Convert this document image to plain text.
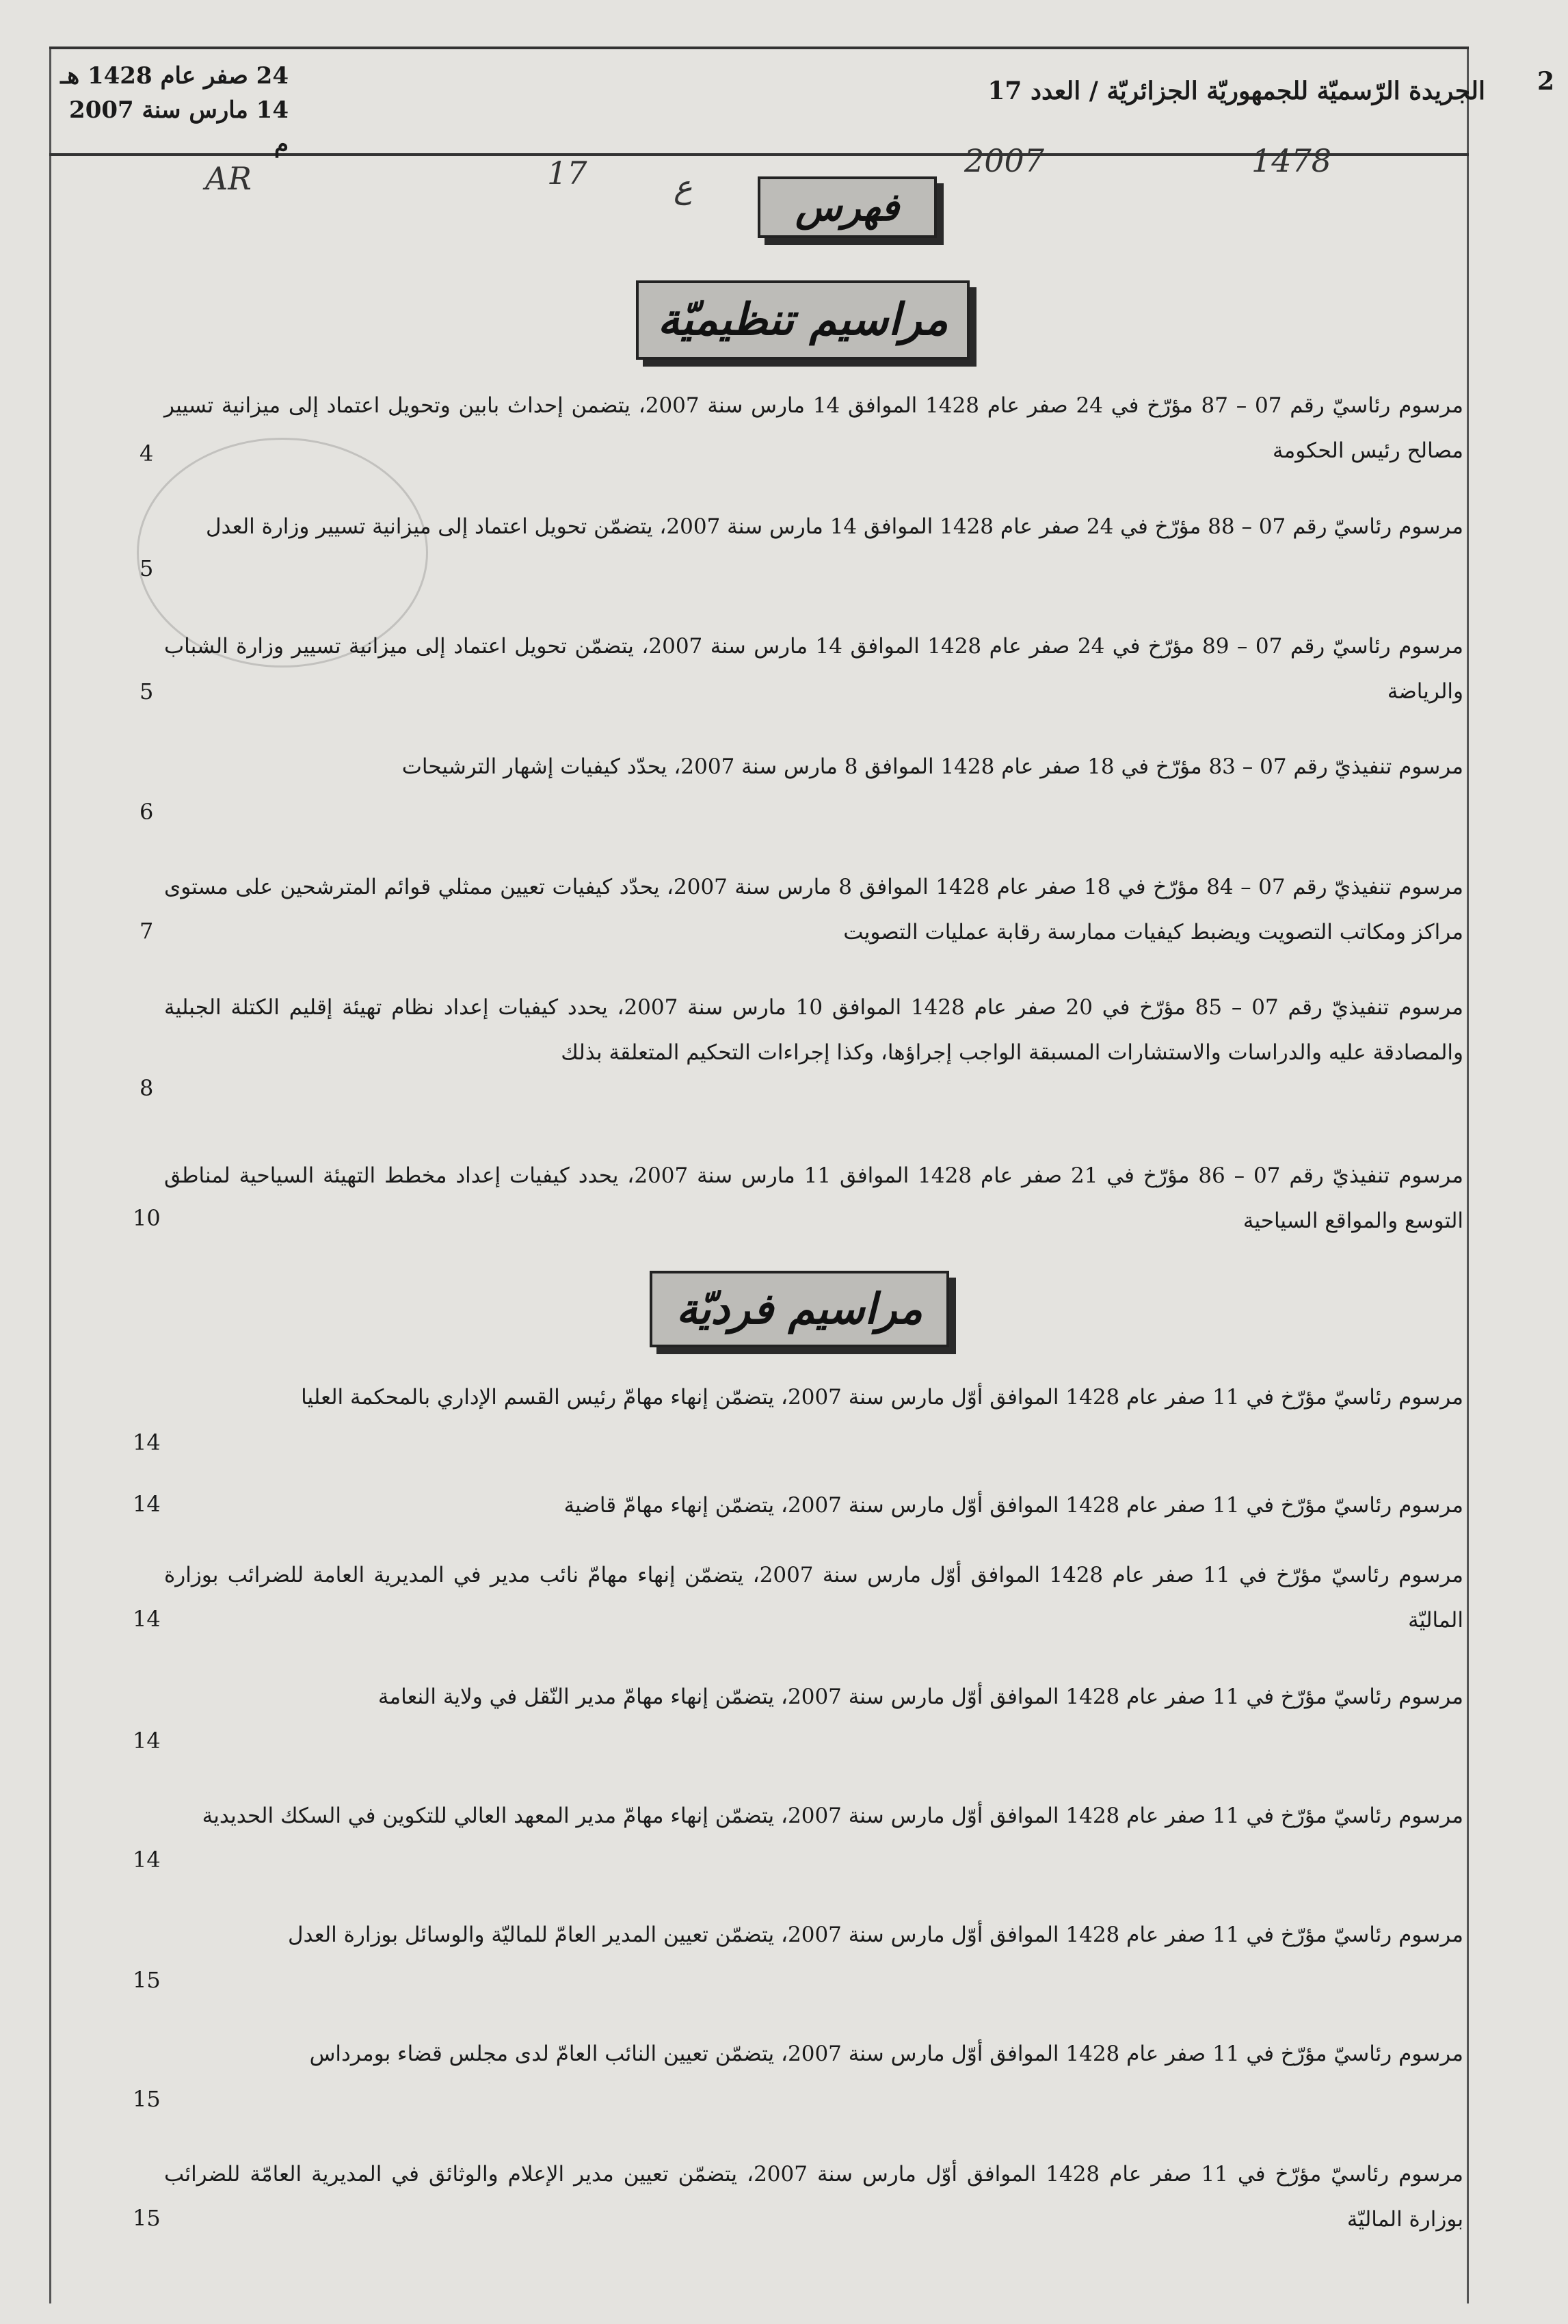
24 صفر عام 1428 هـ
14 مارس سنة 2007 م
الجريدة الرّسميّة للجمهوريّة الجزائريّة / العدد 17 2
1478
2007
ع
17
AR
فهرس
مراسيم تنظيميّة
مراسيم فرديّة
مرسوم رئاسيّ رقم 07 – 87 مؤرّخ في 24 صفر عام 1428 الموافق 14 مارس سنة 2007، يتضمن إحداث بابين وتحويل اعتماد إلى ميزانية تسيير مصالح رئيس الحكومة
4
مرسوم رئاسيّ رقم 07 – 88 مؤرّخ في 24 صفر عام 1428 الموافق 14 مارس سنة 2007، يتضمّن تحويل اعتماد إلى ميزانية تسيير وزارة العدل
5
مرسوم رئاسيّ رقم 07 – 89 مؤرّخ في 24 صفر عام 1428 الموافق 14 مارس سنة 2007، يتضمّن تحويل اعتماد إلى ميزانية تسيير وزارة الشباب والرياضة
5
مرسوم تنفيذيّ رقم 07 – 83 مؤرّخ في 18 صفر عام 1428 الموافق 8 مارس سنة 2007، يحدّد كيفيات إشهار الترشيحات
6
مرسوم تنفيذيّ رقم 07 – 84 مؤرّخ في 18 صفر عام 1428 الموافق 8 مارس سنة 2007، يحدّد كيفيات تعيين ممثلي قوائم المترشحين على مستوى مراكز ومكاتب التصويت ويضبط كيفيات ممارسة رقابة عمليات التصويت
7
مرسوم تنفيذيّ رقم 07 – 85 مؤرّخ في 20 صفر عام 1428 الموافق 10 مارس سنة 2007، يحدد كيفيات إعداد نظام تهيئة إقليم الكتلة الجبلية والمصادقة عليه والدراسات والاستشارات المسبقة الواجب إجراؤها، وكذا إجراءات التحكيم المتعلقة بذلك
8
مرسوم تنفيذيّ رقم 07 – 86 مؤرّخ في 21 صفر عام 1428 الموافق 11 مارس سنة 2007، يحدد كيفيات إعداد مخطط التهيئة السياحية لمناطق التوسع والمواقع السياحية
10
مرسوم رئاسيّ مؤرّخ في 11 صفر عام 1428 الموافق أوّل مارس سنة 2007، يتضمّن إنهاء مهامّ رئيس القسم الإداري بالمحكمة العليا
14
مرسوم رئاسيّ مؤرّخ في 11 صفر عام 1428 الموافق أوّل مارس سنة 2007، يتضمّن إنهاء مهامّ قاضية
14
مرسوم رئاسيّ مؤرّخ في 11 صفر عام 1428 الموافق أوّل مارس سنة 2007، يتضمّن إنهاء مهامّ نائب مدير في المديرية العامة للضرائب بوزارة الماليّة
14
مرسوم رئاسيّ مؤرّخ في 11 صفر عام 1428 الموافق أوّل مارس سنة 2007، يتضمّن إنهاء مهامّ مدير النّقل في ولاية النعامة
14
مرسوم رئاسيّ مؤرّخ في 11 صفر عام 1428 الموافق أوّل مارس سنة 2007، يتضمّن إنهاء مهامّ مدير المعهد العالي للتكوين في السكك الحديدية
14
مرسوم رئاسيّ مؤرّخ في 11 صفر عام 1428 الموافق أوّل مارس سنة 2007، يتضمّن تعيين المدير العامّ للماليّة والوسائل بوزارة العدل
15
مرسوم رئاسيّ مؤرّخ في 11 صفر عام 1428 الموافق أوّل مارس سنة 2007، يتضمّن تعيين النائب العامّ لدى مجلس قضاء بومرداس
15
مرسوم رئاسيّ مؤرّخ في 11 صفر عام 1428 الموافق أوّل مارس سنة 2007، يتضمّن تعيين مدير الإعلام والوثائق في المديرية العامّة للضرائب بوزارة الماليّة
15
